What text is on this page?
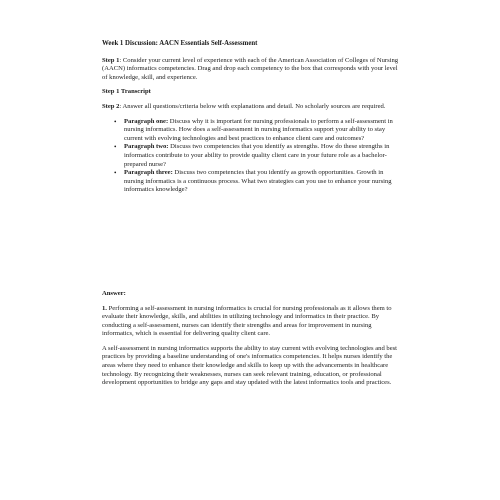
Week 1 Discussion: AACN Essentials Self-Assessment

Step 1: Consider your current level of experience with each of the American Association of Colleges of Nursing (AACN) informatics competencies. Drag and drop each competency to the box that corresponds with your level of knowledge, skill, and experience.

Step 1 Transcript

Step 2: Answer all questions/criteria below with explanations and detail. No scholarly sources are required.

• Paragraph one: Discuss why it is important for nursing professionals to perform a self-assessment in nursing informatics. How does a self-assessment in nursing informatics support your ability to stay current with evolving technologies and best practices to enhance client care and outcomes?
• Paragraph two: Discuss two competencies that you identify as strengths. How do these strengths in informatics contribute to your ability to provide quality client care in your future role as a bachelor-prepared nurse?
• Paragraph three: Discuss two competencies that you identify as growth opportunities. Growth in nursing informatics is a continuous process. What two strategies can you use to enhance your nursing informatics knowledge?
Answer:

1. Performing a self-assessment in nursing informatics is crucial for nursing professionals as it allows them to evaluate their knowledge, skills, and abilities in utilizing technology and informatics in their practice. By conducting a self-assessment, nurses can identify their strengths and areas for improvement in nursing informatics, which is essential for delivering quality client care.

A self-assessment in nursing informatics supports the ability to stay current with evolving technologies and best practices by providing a baseline understanding of one's informatics competencies. It helps nurses identify the areas where they need to enhance their knowledge and skills to keep up with the advancements in healthcare technology. By recognizing their weaknesses, nurses can seek relevant training, education, or professional development opportunities to bridge any gaps and stay updated with the latest informatics tools and practices.
